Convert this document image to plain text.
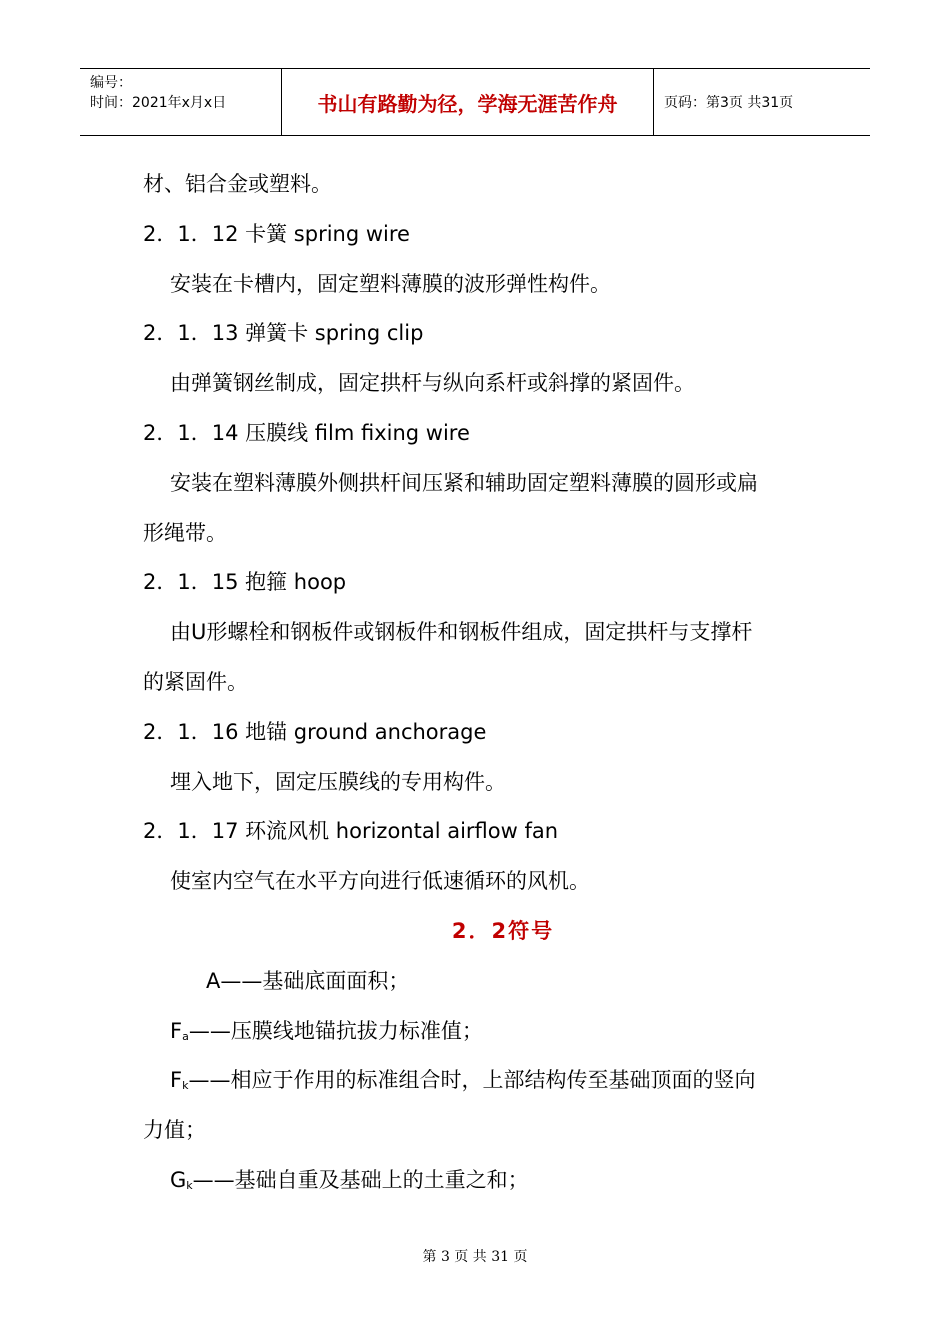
编号：
时间：2021年x月x日	书山有路勤为径，学海无涯苦作舟	页码：第3页 共31页
材、铝合金或塑料。
2．1．12 卡簧 spring wire
安装在卡槽内，固定塑料薄膜的波形弹性构件。
2．1．13 弹簧卡 spring clip
由弹簧钢丝制成，固定拱杆与纵向系杆或斜撑的紧固件。
2．1．14 压膜线 film fixing wire
安装在塑料薄膜外侧拱杆间压紧和辅助固定塑料薄膜的圆形或扁
形绳带。
2．1．15 抱箍 hoop
由U形螺栓和钢板件或钢板件和钢板件组成，固定拱杆与支撑杆
的紧固件。
2．1．16 地锚 ground anchorage
埋入地下，固定压膜线的专用构件。
2．1．17 环流风机 horizontal airflow fan
使室内空气在水平方向进行低速循环的风机。
2．2符号
A——基础底面面积；
$F_a——$压膜线地锚抗拔力标准值；
$F_k——$相应于作用的标准组合时，上部结构传至基础顶面的竖向
力值；
$G_k——$基础自重及基础上的土重之和；
第 3 页 共 31 页
